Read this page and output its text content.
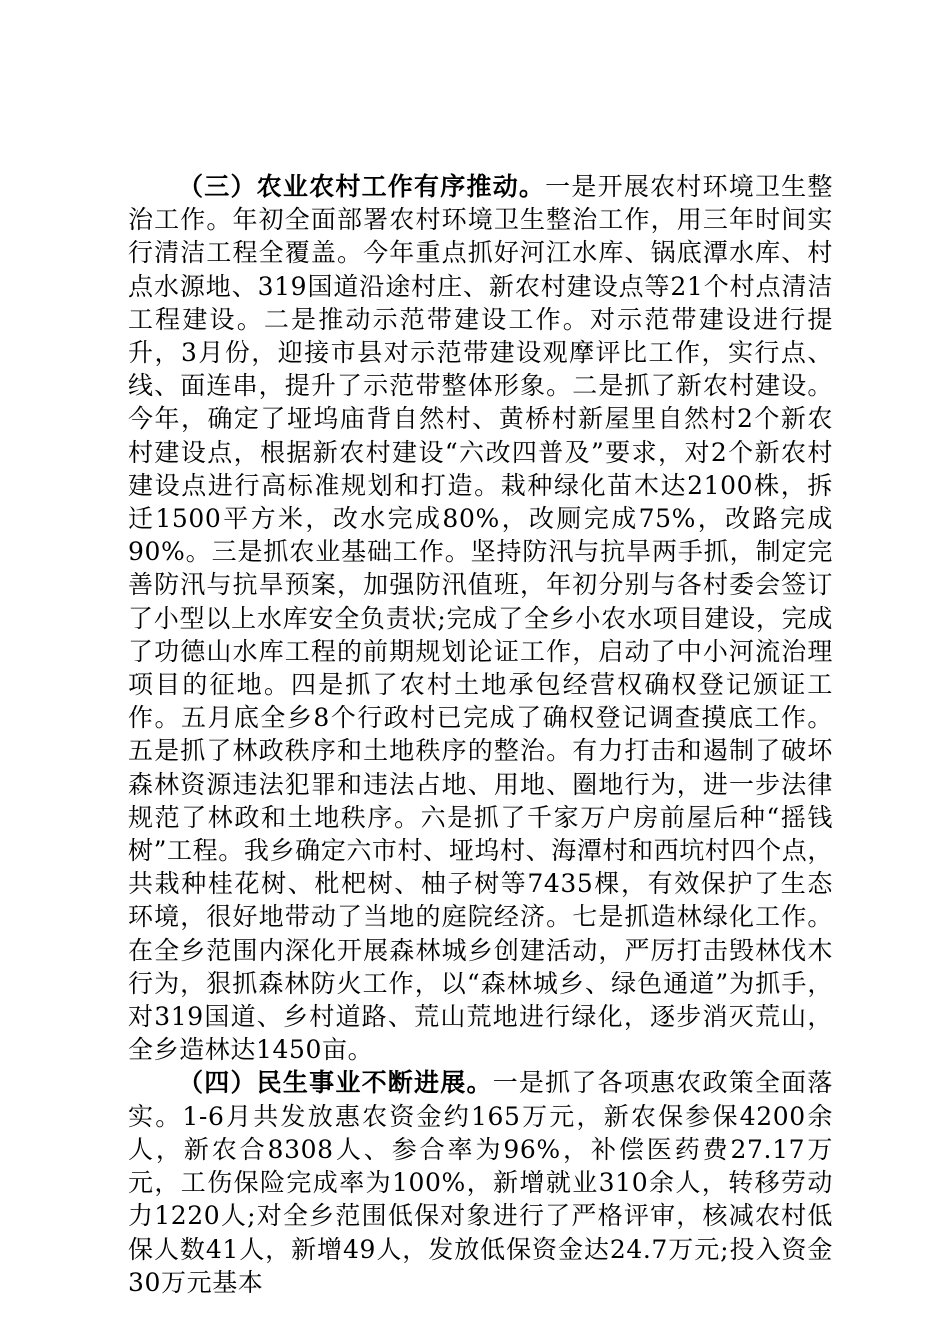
（三）农业农村工作有序推动。一是开展农村环境卫生整治工作。年初全面部署农村环境卫生整治工作，用三年时间实行清洁工程全覆盖。今年重点抓好河江水库、锅底潭水库、村点水源地、319国道沿途村庄、新农村建设点等21个村点清洁工程建设。二是推动示范带建设工作。对示范带建设进行提升，3月份，迎接市县对示范带建设观摩评比工作，实行点、线、面连串，提升了示范带整体形象。二是抓了新农村建设。今年，确定了垭坞庙背自然村、黄桥村新屋里自然村2个新农村建设点，根据新农村建设“六改四普及”要求，对2个新农村建设点进行高标准规划和打造。栽种绿化苗木达2100株，拆迁1500平方米，改水完成80%，改厕完成75%，改路完成90%。三是抓农业基础工作。坚持防汛与抗旱两手抓，制定完善防汛与抗旱预案，加强防汛值班，年初分别与各村委会签订了小型以上水库安全负责状;完成了全乡小农水项目建设，完成了功德山水库工程的前期规划论证工作，启动了中小河流治理项目的征地。四是抓了农村土地承包经营权确权登记颁证工作。五月底全乡8个行政村已完成了确权登记调查摸底工作。五是抓了林政秩序和土地秩序的整治。有力打击和遏制了破坏森林资源违法犯罪和违法占地、用地、圈地行为，进一步法律规范了林政和土地秩序。六是抓了千家万户房前屋后种“摇钱树”工程。我乡确定六市村、垭坞村、海潭村和西坑村四个点，共栽种桂花树、枇杷树、柚子树等7435棵，有效保护了生态环境，很好地带动了当地的庭院经济。七是抓造林绿化工作。在全乡范围内深化开展森林城乡创建活动，严厉打击毁林伐木行为，狠抓森林防火工作，以“森林城乡、绿色通道”为抓手，对319国道、乡村道路、荒山荒地进行绿化，逐步消灭荒山，全乡造林达1450亩。

（四）民生事业不断进展。一是抓了各项惠农政策全面落实。1-6月共发放惠农资金约165万元，新农保参保4200余人，新农合8308人、参合率为96%，补偿医药费27.17万元，工伤保险完成率为100%，新增就业310余人，转移劳动力1220人;对全乡范围低保对象进行了严格评审，核减农村低保人数41人，新增49人，发放低保资金达24.7万元;投入资金30万元基本
